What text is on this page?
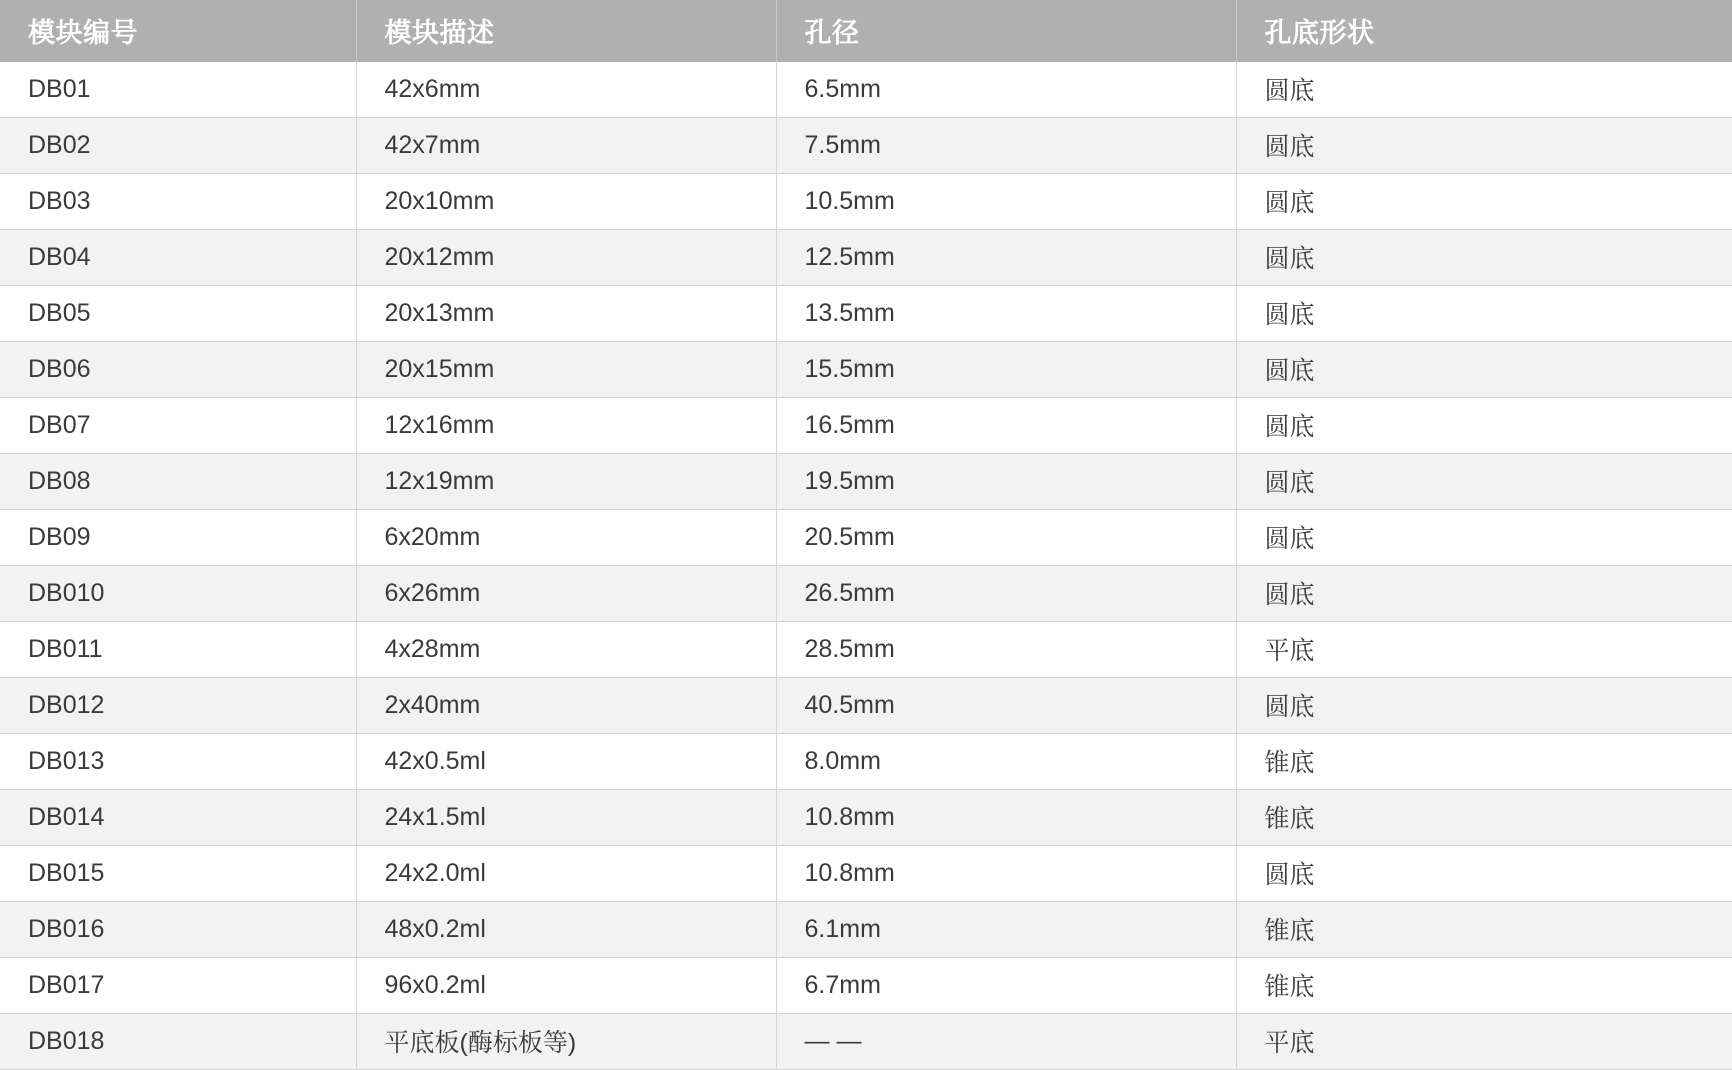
模块编号	模块描述	孔径	孔底形状
DB01	42x6mm	6.5mm	圆底
DB02	42x7mm	7.5mm	圆底
DB03	20x10mm	10.5mm	圆底
DB04	20x12mm	12.5mm	圆底
DB05	20x13mm	13.5mm	圆底
DB06	20x15mm	15.5mm	圆底
DB07	12x16mm	16.5mm	圆底
DB08	12x19mm	19.5mm	圆底
DB09	6x20mm	20.5mm	圆底
DB010	6x26mm	26.5mm	圆底
DB011	4x28mm	28.5mm	平底
DB012	2x40mm	40.5mm	圆底
DB013	42x0.5ml	8.0mm	锥底
DB014	24x1.5ml	10.8mm	锥底
DB015	24x2.0ml	10.8mm	圆底
DB016	48x0.2ml	6.1mm	锥底
DB017	96x0.2ml	6.7mm	锥底
DB018	平底板(酶标板等)	— —	平底
